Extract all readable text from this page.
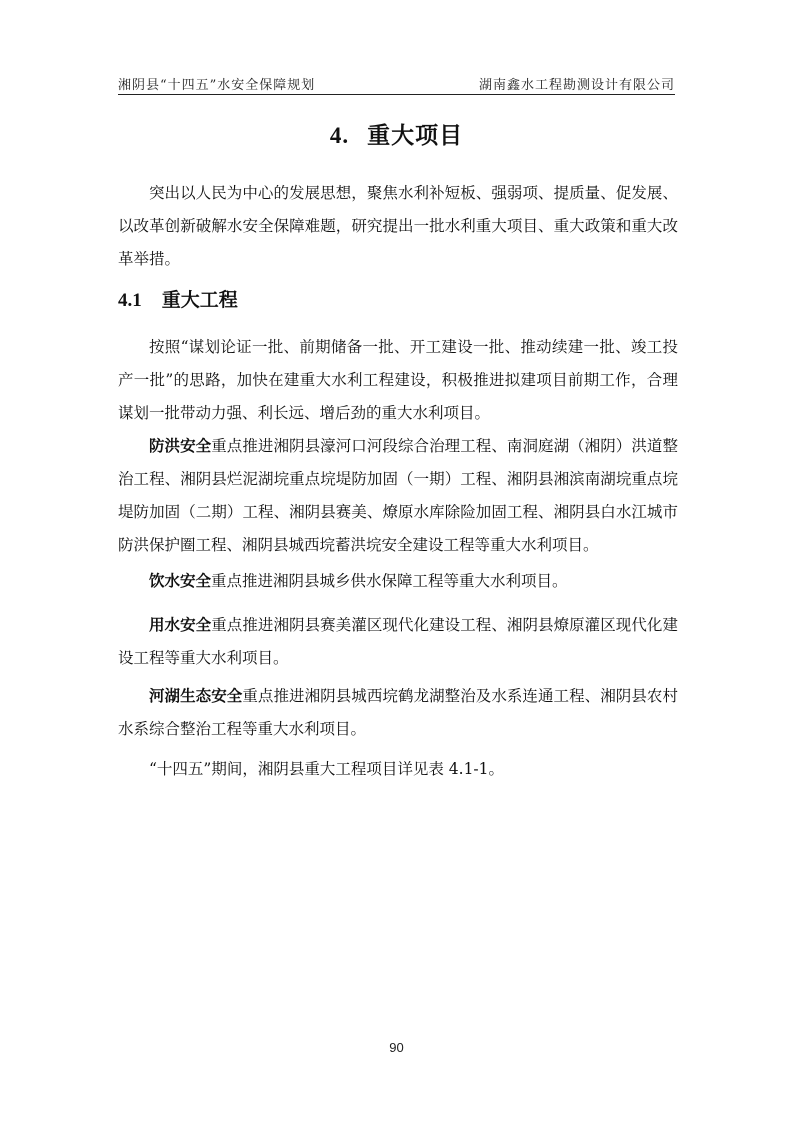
湘阴县“十四五”水安全保障规划	湖南鑫水工程勘测设计有限公司
4. 重大项目

突出以人民为中心的发展思想，聚焦水利补短板、强弱项、提质量、促发展、以改革创新破解水安全保障难题，研究提出一批水利重大项目、重大政策和重大改革举措。

4.1 重大工程

按照“谋划论证一批、前期储备一批、开工建设一批、推动续建一批、竣工投产一批”的思路，加快在建重大水利工程建设，积极推进拟建项目前期工作，合理谋划一批带动力强、利长远、增后劲的重大水利项目。

防洪安全重点推进湘阴县濠河口河段综合治理工程、南洞庭湖（湘阴）洪道整治工程、湘阴县烂泥湖垸重点垸堤防加固（一期）工程、湘阴县湘滨南湖垸重点垸堤防加固（二期）工程、湘阴县赛美、燎原水库除险加固工程、湘阴县白水江城市防洪保护圈工程、湘阴县城西垸蓄洪垸安全建设工程等重大水利项目。

饮水安全重点推进湘阴县城乡供水保障工程等重大水利项目。

用水安全重点推进湘阴县赛美灌区现代化建设工程、湘阴县燎原灌区现代化建设工程等重大水利项目。

河湖生态安全重点推进湘阴县城西垸鹤龙湖整治及水系连通工程、湘阴县农村水系综合整治工程等重大水利项目。

“十四五”期间，湘阴县重大工程项目详见表 4.1-1。

90
